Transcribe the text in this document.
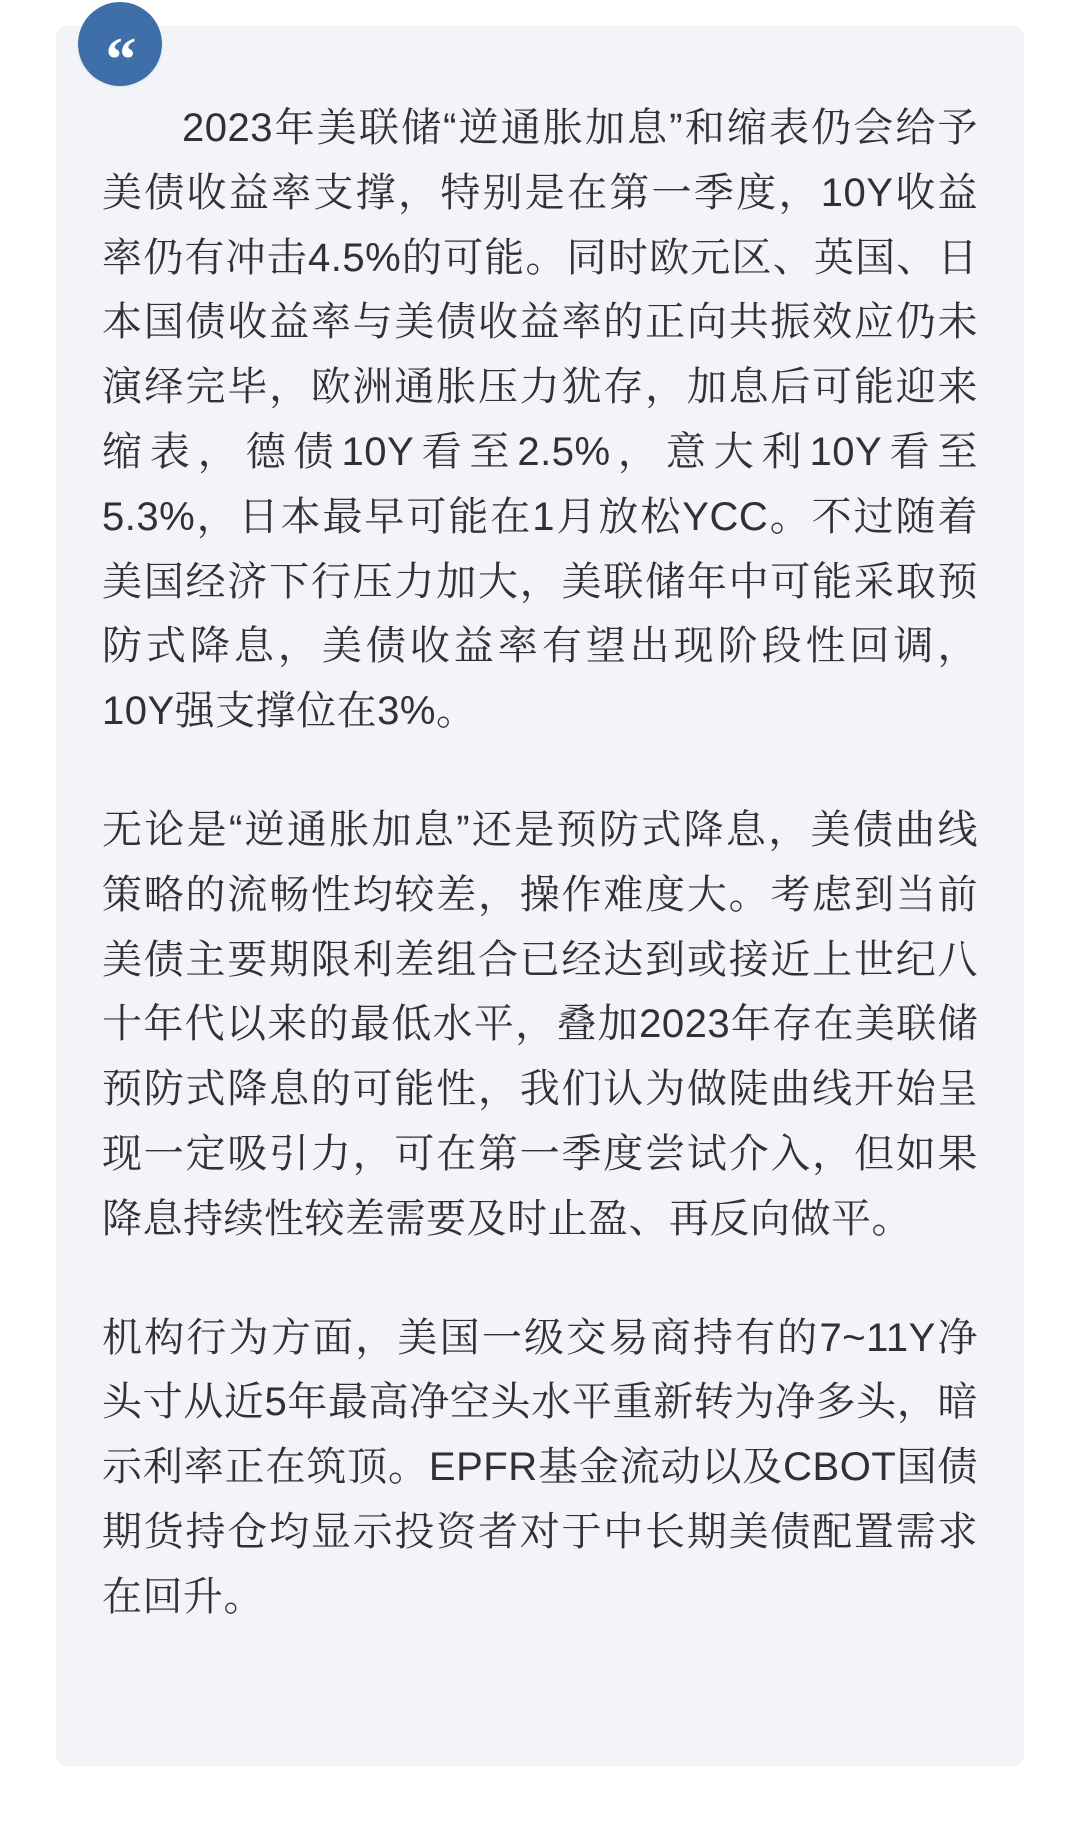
“

2023年美联储“逆通胀加息”和缩表仍会给予美债收益率支撑，特别是在第一季度，10Y收益率仍有冲击4.5%的可能。同时欧元区、英国、日本国债收益率与美债收益率的正向共振效应仍未演绎完毕，欧洲通胀压力犹存，加息后可能迎来缩表，德债10Y看至2.5%，意大利10Y看至5.3%，日本最早可能在1月放松YCC。不过随着美国经济下行压力加大，美联储年中可能采取预防式降息，美债收益率有望出现阶段性回调，10Y强支撑位在3%。

无论是“逆通胀加息”还是预防式降息，美债曲线策略的流畅性均较差，操作难度大。考虑到当前美债主要期限利差组合已经达到或接近上世纪八十年代以来的最低水平，叠加2023年存在美联储预防式降息的可能性，我们认为做陡曲线开始呈现一定吸引力，可在第一季度尝试介入，但如果降息持续性较差需要及时止盈、再反向做平。

机构行为方面，美国一级交易商持有的7~11Y净头寸从近5年最高净空头水平重新转为净多头，暗示利率正在筑顶。EPFR基金流动以及CBOT国债期货持仓均显示投资者对于中长期美债配置需求在回升。
